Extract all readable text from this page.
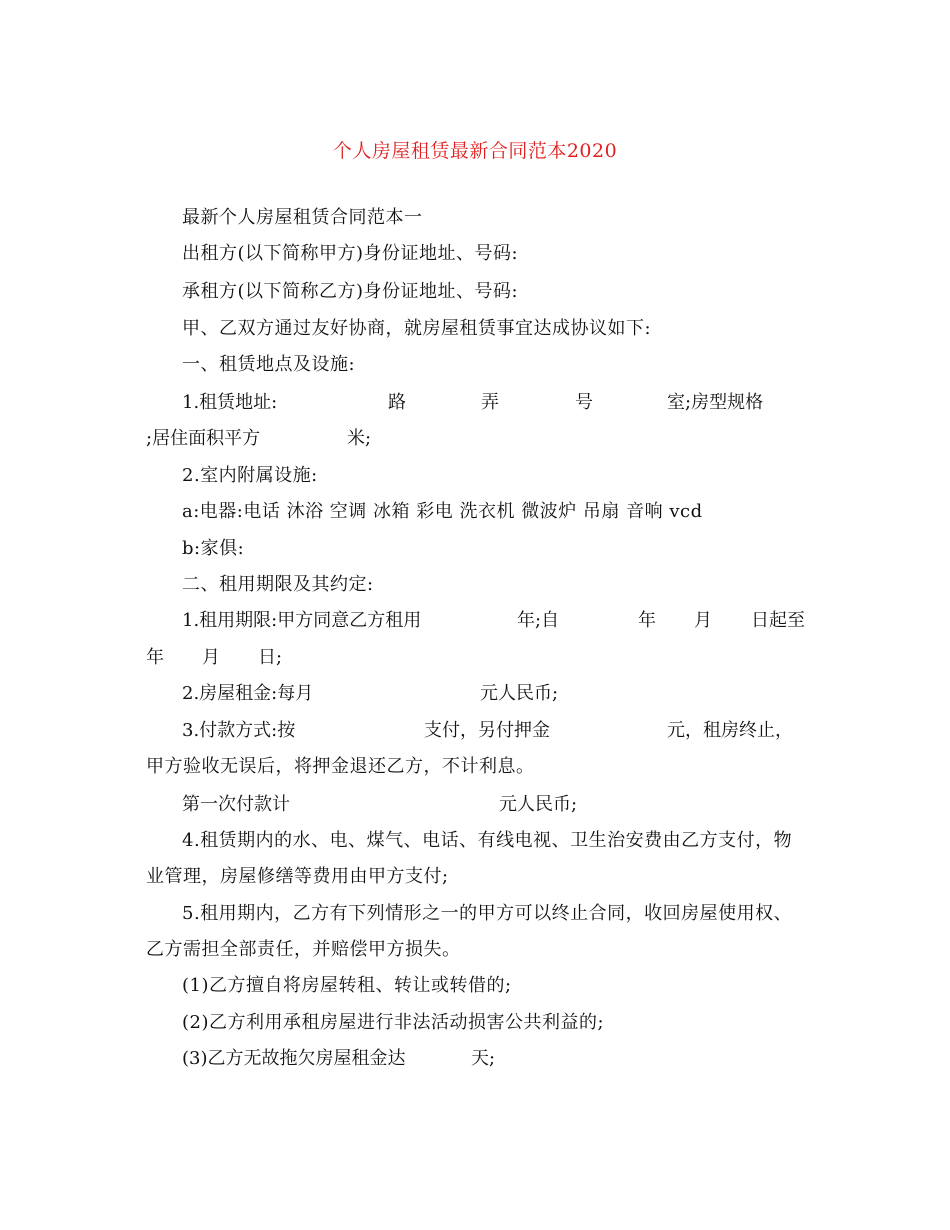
个人房屋租赁最新合同范本2020
最新个人房屋租赁合同范本一
出租方(以下简称甲方)身份证地址、号码:
承租方(以下简称乙方)身份证地址、号码:
甲、乙双方通过友好协商，就房屋租赁事宜达成协议如下:
一、租赁地点及设施:
1.租赁地址:	路	弄	号	室;房型规格
;居住面积平方	米;
2.室内附属设施:
a:电器:电话 沐浴 空调 冰箱 彩电 洗衣机 微波炉 吊扇 音响 vcd
b:家俱:
二、租用期限及其约定:
1.租用期限:甲方同意乙方租用	年;自	年 月 日起至
年 月 日;
2.房屋租金:每月	元人民币;
3.付款方式:按	支付，另付押金	元，租房终止，
甲方验收无误后，将押金退还乙方，不计利息。
第一次付款计	元人民币;
4.租赁期内的水、电、煤气、电话、有线电视、卫生治安费由乙方支付，物
业管理，房屋修缮等费用由甲方支付;
5.租用期内，乙方有下列情形之一的甲方可以终止合同，收回房屋使用权、
乙方需担全部责任，并赔偿甲方损失。
(1)乙方擅自将房屋转租、转让或转借的;
(2)乙方利用承租房屋进行非法活动损害公共利益的;
(3)乙方无故拖欠房屋租金达	天;
